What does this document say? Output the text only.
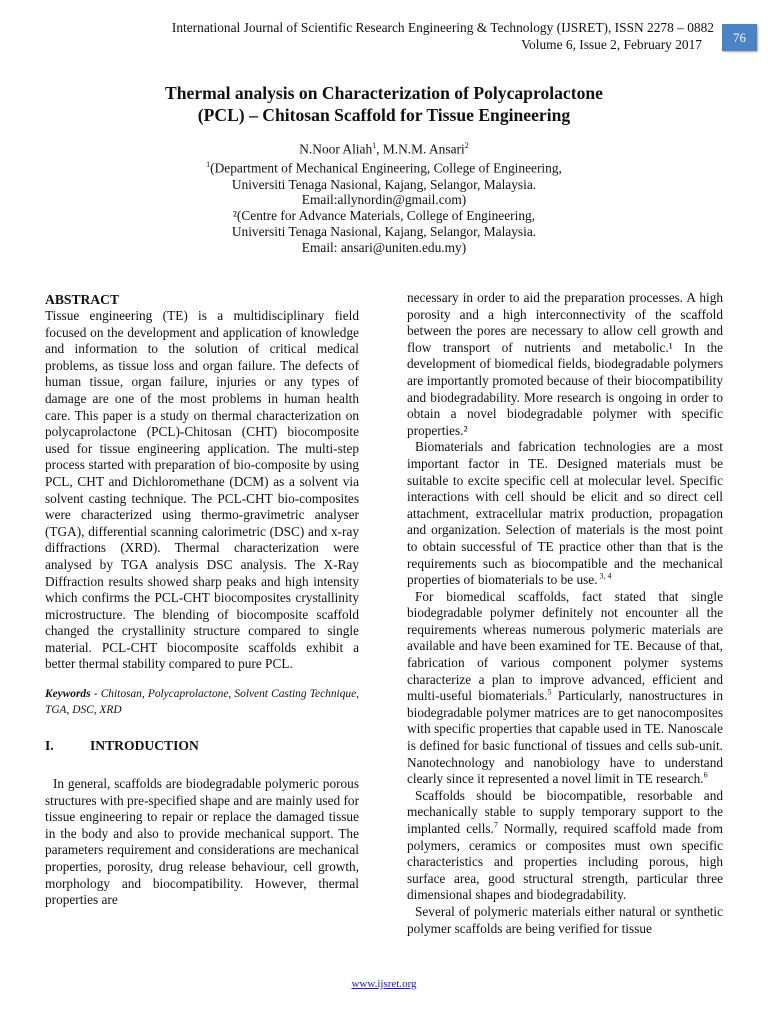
International Journal of Scientific Research Engineering & Technology (IJSRET), ISSN 2278 – 0882
Volume 6, Issue 2, February 2017	76
Thermal analysis on Characterization of Polycaprolactone
(PCL) – Chitosan Scaffold for Tissue Engineering
N.Noor Aliah$^1$, M.N.M. Ansari$^2$
$^1$(Department of Mechanical Engineering, College of Engineering,
Universiti Tenaga Nasional, Kajang, Selangor, Malaysia.
Email:allynordin@gmail.com)
²(Centre for Advance Materials, College of Engineering,
Universiti Tenaga Nasional, Kajang, Selangor, Malaysia.
Email: ansari@uniten.edu.my)

ABSTRACT

Tissue engineering (TE) is a multidisciplinary field focused on the development and application of knowledge and information to the solution of critical medical problems, as tissue loss and organ failure. The defects of human tissue, organ failure, injuries or any types of damage are one of the most problems in human health care. This paper is a study on thermal characterization on polycaprolactone (PCL)-Chitosan (CHT) biocomposite used for tissue engineering application. The multi-step process started with preparation of bio-composite by using PCL, CHT and Dichloromethane (DCM) as a solvent via solvent casting technique. The PCL-CHT bio-composites were characterized using thermo-gravimetric analyser (TGA), differential scanning calorimetric (DSC) and x-ray diffractions (XRD). Thermal characterization were analysed by TGA analysis DSC analysis. The X-Ray Diffraction results showed sharp peaks and high intensity which confirms the PCL-CHT biocomposites crystallinity microstructure. The blending of biocomposite scaffold changed the crystallinity structure compared to single material. PCL-CHT biocomposite scaffolds exhibit a better thermal stability compared to pure PCL.

Keywords - Chitosan, Polycaprolactone, Solvent Casting Technique, TGA, DSC, XRD

I.	INTRODUCTION

In general, scaffolds are biodegradable polymeric porous structures with pre-specified shape and are mainly used for tissue engineering to repair or replace the damaged tissue in the body and also to provide mechanical support. The parameters requirement and considerations are mechanical properties, porosity, drug release behaviour, cell growth, morphology and biocompatibility. However, thermal properties are

necessary in order to aid the preparation processes. A high porosity and a high interconnectivity of the scaffold between the pores are necessary to allow cell growth and flow transport of nutrients and metabolic.¹ In the development of biomedical fields, biodegradable polymers are importantly promoted because of their biocompatibility and biodegradability. More research is ongoing in order to obtain a novel biodegradable polymer with specific properties.²

Biomaterials and fabrication technologies are a most important factor in TE. Designed materials must be suitable to excite specific cell at molecular level. Specific interactions with cell should be elicit and so direct cell attachment, extracellular matrix production, propagation and organization. Selection of materials is the most point to obtain successful of TE practice other than that is the requirements such as biocompatible and the mechanical properties of biomaterials to be use. $^{3, 4}$

For biomedical scaffolds, fact stated that single biodegradable polymer definitely not encounter all the requirements whereas numerous polymeric materials are available and have been examined for TE. Because of that, fabrication of various component polymer systems characterize a plan to improve advanced, efficient and multi-useful biomaterials.$^5$ Particularly, nanostructures in biodegradable polymer matrices are to get nanocomposites with specific properties that capable used in TE. Nanoscale is defined for basic functional of tissues and cells sub-unit. Nanotechnology and nanobiology have to understand clearly since it represented a novel limit in TE research.$^6$

Scaffolds should be biocompatible, resorbable and mechanically stable to supply temporary support to the implanted cells.$^7$ Normally, required scaffold made from polymers, ceramics or composites must own specific characteristics and properties including porous, high surface area, good structural strength, particular three dimensional shapes and biodegradability.

Several of polymeric materials either natural or synthetic polymer scaffolds are being verified for tissue

www.ijsret.org
